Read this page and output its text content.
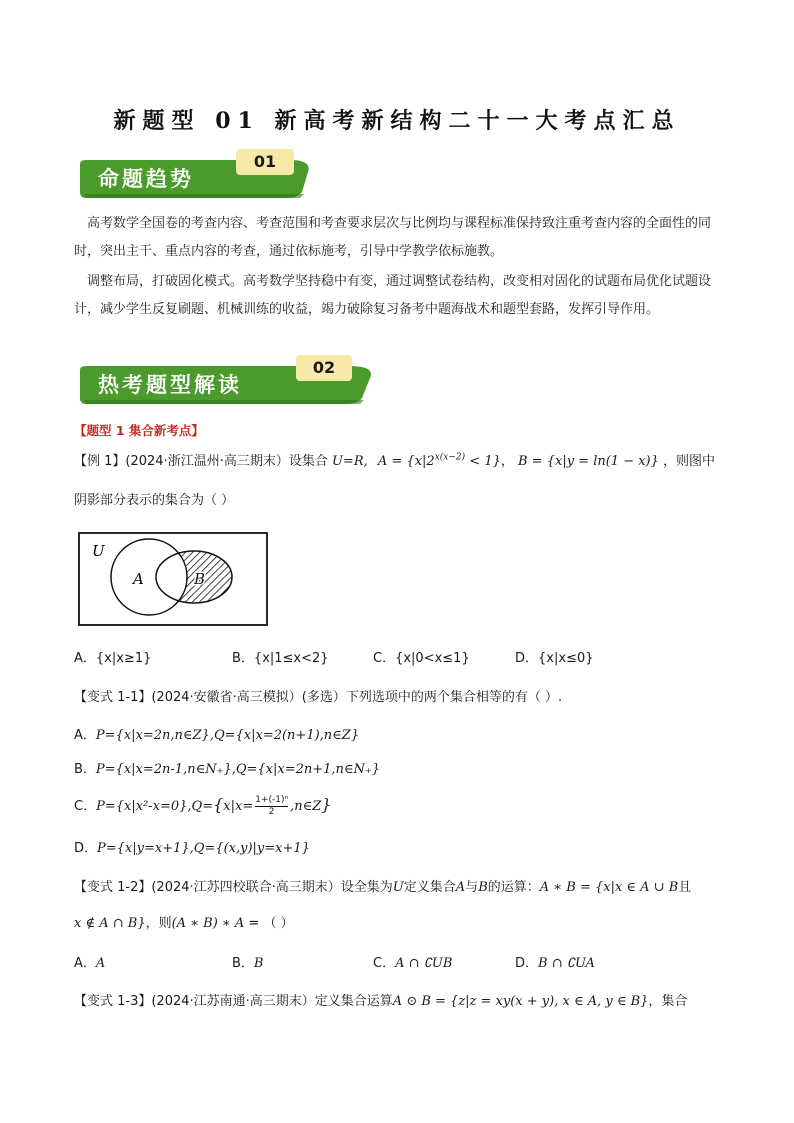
新题型 01 新高考新结构二十一大考点汇总
命题趋势
01
高考数学全国卷的考查内容、考查范围和考查要求层次与比例均与课程标准保持致注重考查内容的全面性的同时，突出主干、重点内容的考查，通过依标施考，引导中学教学依标施教。
调整布局，打破固化模式。高考数学坚持稳中有变，通过调整试卷结构，改变相对固化的试题布局优化试题设计，减少学生反复刷题、机械训练的收益，竭力破除复习备考中题海战术和题型套路，发挥引导作用。
热考题型解读
02
【题型 1 集合新考点】
【例 1】(2024·浙江温州·高三期末）设集合 U=R, $A = \{x|2^{x(x-2)} < 1\}$， B = {x|y = ln(1 − x)} ，则图中
阴影部分表示的集合为（ ）
U
A	B
A．{x|x≥1}	B．{x|1≤x<2}	C．{x|0<x≤1}	D．{x|x≤0}
【变式 1-1】(2024·安徽省·高三模拟）(多选）下列选项中的两个集合相等的有（ ）.
A．P={x|x=2n,n∈Z},Q={x|x=2(n+1),n∈Z}
B．P={x|x=2n-1,n∈N₊},Q={x|x=2n+1,n∈N₊}
C．$P=\{x|x^2-x=0\},Q=\{x|x= \frac{\text{1+(-1)ⁿ}}{2}$ ,n∈Z}
D．P={x|y=x+1},Q={(x,y)|y=x+1}
【变式 1-2】(2024·江苏四校联合·高三期末）设全集为U定义集合A与B的运算：A ∗ B = {x|x ∈ A ∪ B且
x ∉ A ∩ B}，则(A ∗ B) ∗ A = （ ）
A．A	B．B	C．A ∩ ∁UB	D．B ∩ ∁UA
【变式 1-3】(2024·江苏南通·高三期末）定义集合运算A ⊙ B = {z|z = xy(x + y), x ∈ A, y ∈ B}，集合
